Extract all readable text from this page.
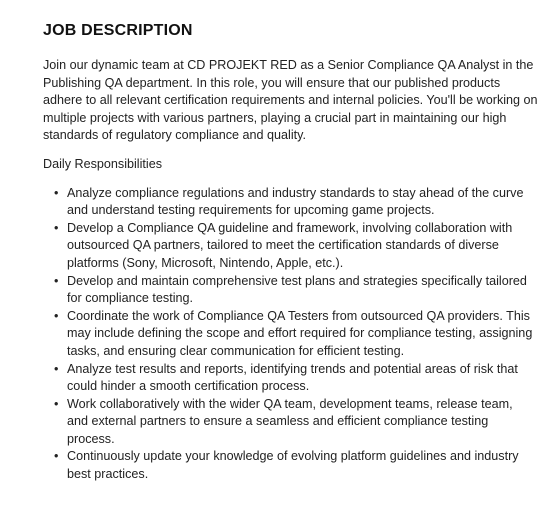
JOB DESCRIPTION

Join our dynamic team at CD PROJEKT RED as a Senior Compliance QA Analyst in the Publishing QA department. In this role, you will ensure that our published products adhere to all relevant certification requirements and internal policies. You'll be working on multiple projects with various partners, playing a crucial part in maintaining our high standards of regulatory compliance and quality.

Daily Responsibilities

• Analyze compliance regulations and industry standards to stay ahead of the curve and understand testing requirements for upcoming game projects.
• Develop a Compliance QA guideline and framework, involving collaboration with outsourced QA partners, tailored to meet the certification standards of diverse platforms (Sony, Microsoft, Nintendo, Apple, etc.).
• Develop and maintain comprehensive test plans and strategies specifically tailored for compliance testing.
• Coordinate the work of Compliance QA Testers from outsourced QA providers. This may include defining the scope and effort required for compliance testing, assigning tasks, and ensuring clear communication for efficient testing.
• Analyze test results and reports, identifying trends and potential areas of risk that could hinder a smooth certification process.
• Work collaboratively with the wider QA team, development teams, release team, and external partners to ensure a seamless and efficient compliance testing process.
• Continuously update your knowledge of evolving platform guidelines and industry best practices.
